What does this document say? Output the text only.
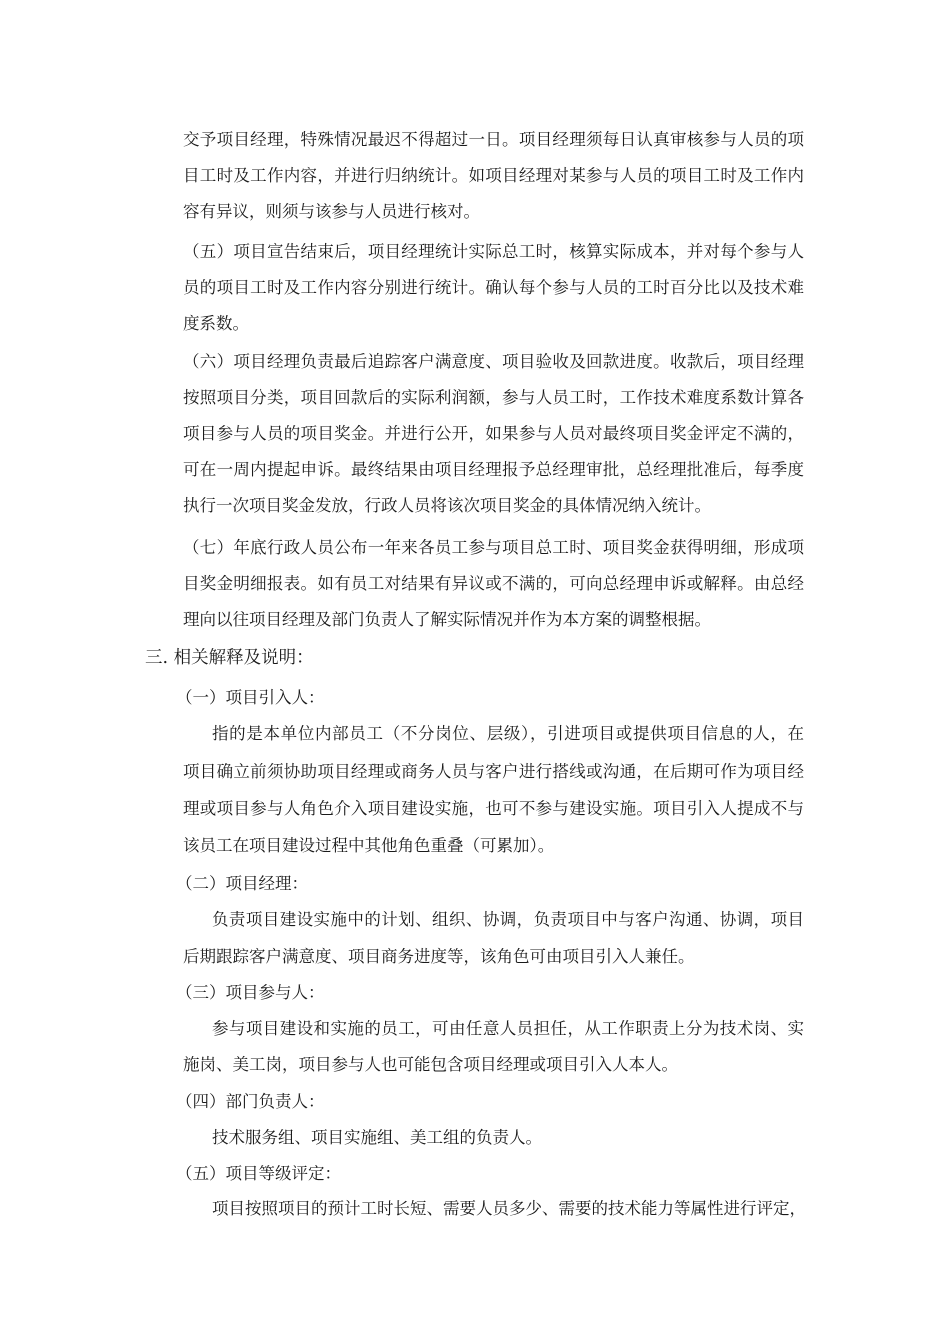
交予项目经理，特殊情况最迟不得超过一日。项目经理须每日认真审核参与人员的项

目工时及工作内容，并进行归纳统计。如项目经理对某参与人员的项目工时及工作内

容有异议，则须与该参与人员进行核对。

（五）项目宣告结束后，项目经理统计实际总工时，核算实际成本，并对每个参与人

员的项目工时及工作内容分别进行统计。确认每个参与人员的工时百分比以及技术难

度系数。

（六）项目经理负责最后追踪客户满意度、项目验收及回款进度。收款后，项目经理

按照项目分类，项目回款后的实际利润额，参与人员工时，工作技术难度系数计算各

项目参与人员的项目奖金。并进行公开，如果参与人员对最终项目奖金评定不满的，

可在一周内提起申诉。最终结果由项目经理报予总经理审批，总经理批准后，每季度

执行一次项目奖金发放，行政人员将该次项目奖金的具体情况纳入统计。

（七）年底行政人员公布一年来各员工参与项目总工时、项目奖金获得明细，形成项

目奖金明细报表。如有员工对结果有异议或不满的，可向总经理申诉或解释。由总经

理向以往项目经理及部门负责人了解实际情况并作为本方案的调整根据。

三. 相关解释及说明：

（一）项目引入人：

指的是本单位内部员工（不分岗位、层级），引进项目或提供项目信息的人，在

项目确立前须协助项目经理或商务人员与客户进行搭线或沟通，在后期可作为项目经

理或项目参与人角色介入项目建设实施，也可不参与建设实施。项目引入人提成不与

该员工在项目建设过程中其他角色重叠（可累加）。

（二）项目经理：

负责项目建设实施中的计划、组织、协调，负责项目中与客户沟通、协调，项目

后期跟踪客户满意度、项目商务进度等，该角色可由项目引入人兼任。

（三）项目参与人：

参与项目建设和实施的员工，可由任意人员担任，从工作职责上分为技术岗、实

施岗、美工岗，项目参与人也可能包含项目经理或项目引入人本人。

（四）部门负责人：

技术服务组、项目实施组、美工组的负责人。

（五）项目等级评定：

项目按照项目的预计工时长短、需要人员多少、需要的技术能力等属性进行评定，
